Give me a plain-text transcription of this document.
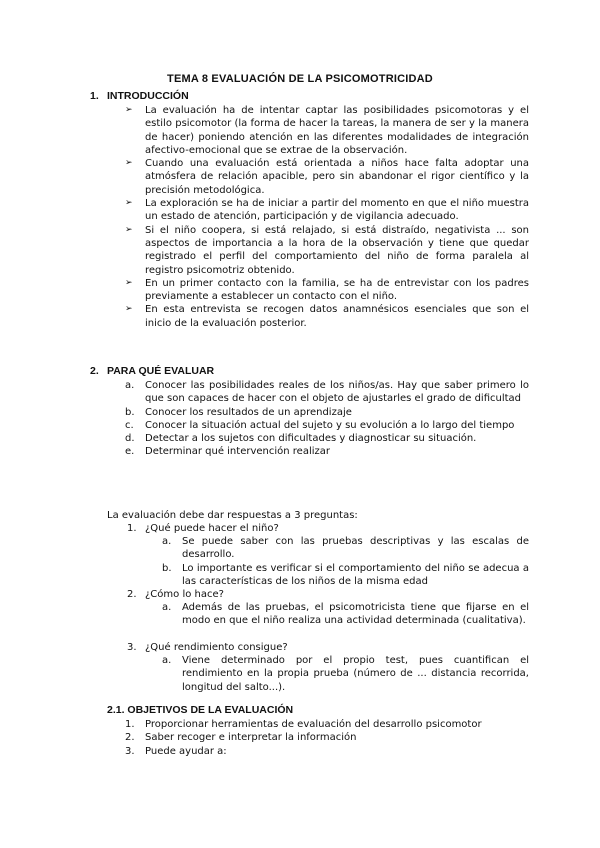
TEMA 8 EVALUACIÓN DE LA PSICOMOTRICIDAD
1. INTRODUCCIÓN
➢ La evaluación ha de intentar captar las posibilidades psicomotoras y el estilo psicomotor (la forma de hacer la tareas, la manera de ser y la manera de hacer) poniendo atención en las diferentes modalidades de integración afectivo-emocional que se extrae de la observación.
➢ Cuando una evaluación está orientada a niños hace falta adoptar una atmósfera de relación apacible, pero sin abandonar el rigor científico y la precisión metodológica.
➢ La exploración se ha de iniciar a partir del momento en que el niño muestra un estado de atención, participación y de vigilancia adecuado.
➢ Si el niño coopera, si está relajado, si está distraído, negativista ... son aspectos de importancia a la hora de la observación y tiene que quedar registrado el perfil del comportamiento del niño de forma paralela al registro psicomotriz obtenido.
➢ En un primer contacto con la familia, se ha de entrevistar con los padres previamente a establecer un contacto con el niño.
➢ En esta entrevista se recogen datos anamnésicos esenciales que son el inicio de la evaluación posterior.
2. PARA QUÉ EVALUAR
a. Conocer las posibilidades reales de los niños/as. Hay que saber primero lo que son capaces de hacer con el objeto de ajustarles el grado de dificultad
b. Conocer los resultados de un aprendizaje
c. Conocer la situación actual del sujeto y su evolución a lo largo del tiempo
d. Detectar a los sujetos con dificultades y diagnosticar su situación.
e. Determinar qué intervención realizar
La evaluación debe dar respuestas a 3 preguntas:
1. ¿Qué puede hacer el niño?
a. Se puede saber con las pruebas descriptivas y las escalas de desarrollo.
b. Lo importante es verificar si el comportamiento del niño se adecua a las características de los niños de la misma edad
2. ¿Cómo lo hace?
a. Además de las pruebas, el psicomotricista tiene que fijarse en el modo en que el niño realiza una actividad determinada (cualitativa).
3. ¿Qué rendimiento consigue?
a. Viene determinado por el propio test, pues cuantifican el rendimiento en la propia prueba (número de ... distancia recorrida, longitud del salto...).
2.1. OBJETIVOS DE LA EVALUACIÓN
1. Proporcionar herramientas de evaluación del desarrollo psicomotor
2. Saber recoger e interpretar la información
3. Puede ayudar a:
